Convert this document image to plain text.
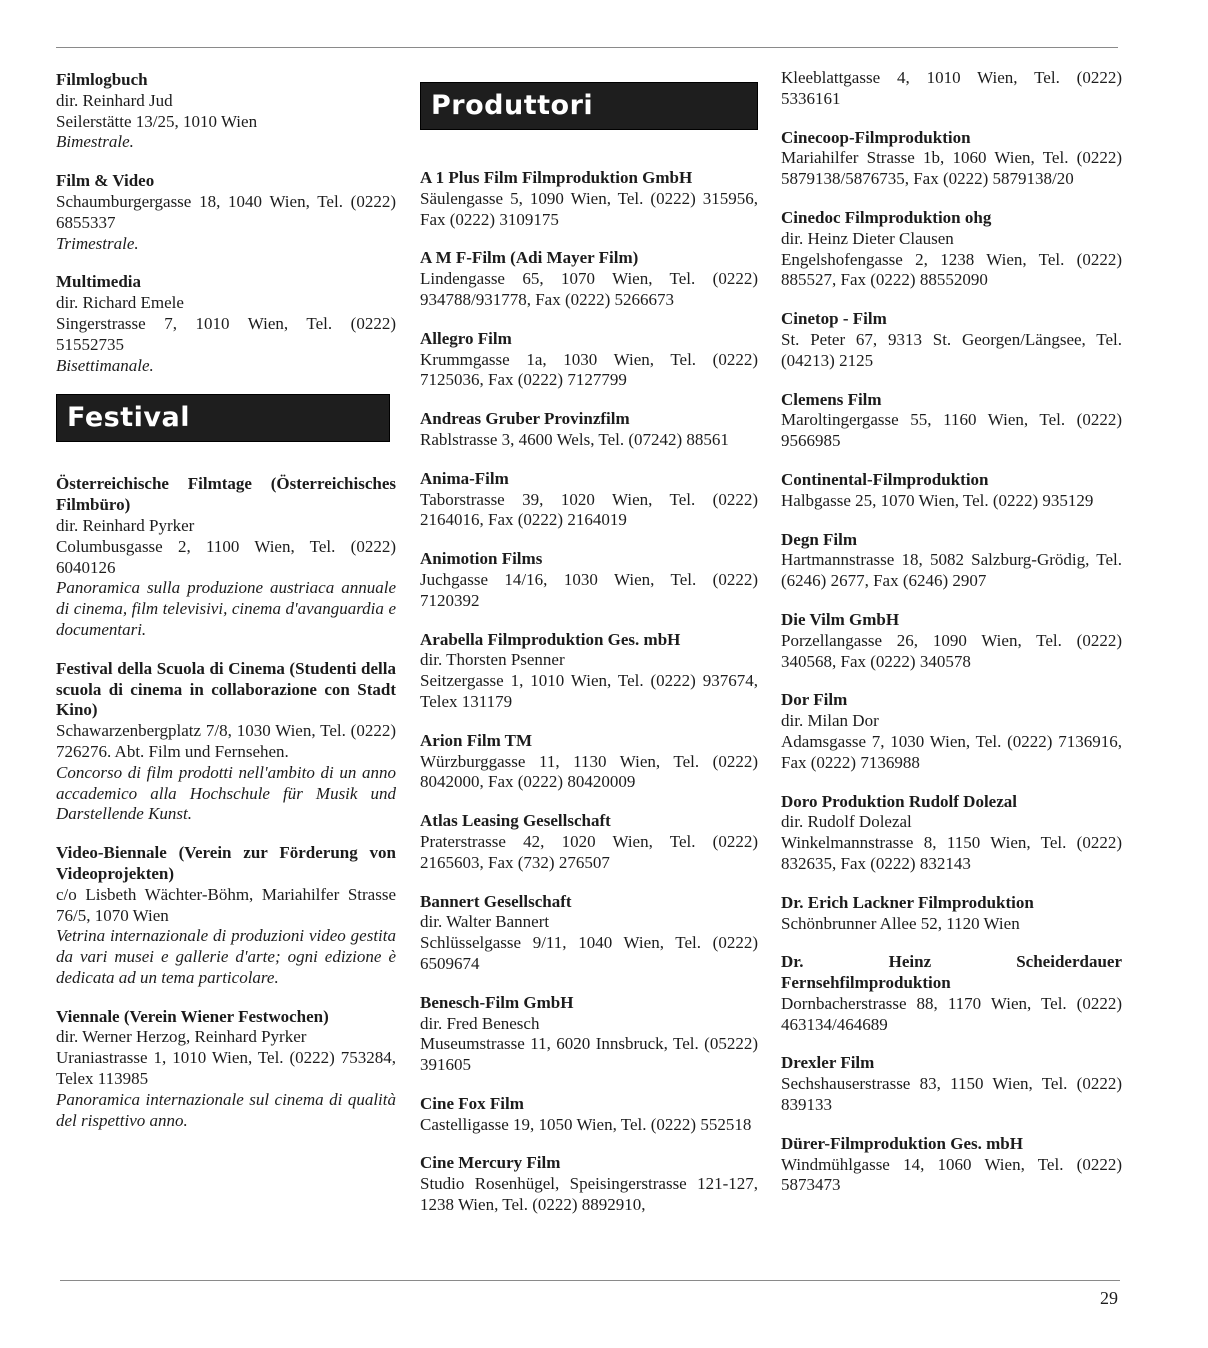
Filmlogbuch
dir. Reinhard Jud
Seilerstätte 13/25, 1010 Wien
Bimestrale.
Film & Video
Schaumburgergasse 18, 1040 Wien, Tel. (0222) 6855337
Trimestrale.
Multimedia
dir. Richard Emele
Singerstrasse 7, 1010 Wien, Tel. (0222) 51552735
Bisettimanale.
Festival
Österreichische Filmtage (Österreichisches Filmbüro)
dir. Reinhard Pyrker
Columbusgasse 2, 1100 Wien, Tel. (0222) 6040126
Panoramica sulla produzione austriaca annuale di cinema, film televisivi, cinema d'avanguardia e documentari.
Festival della Scuola di Cinema (Studenti della scuola di cinema in collaborazione con Stadt Kino)
Schawarzenbergplatz 7/8, 1030 Wien, Tel. (0222) 726276. Abt. Film und Fernsehen.
Concorso di film prodotti nell'ambito di un anno accademico alla Hochschule für Musik und Darstellende Kunst.
Video-Biennale (Verein zur Förderung von Videoprojekten)
c/o Lisbeth Wächter-Böhm, Mariahilfer Strasse 76/5, 1070 Wien
Vetrina internazionale di produzioni video gestita da vari musei e gallerie d'arte; ogni edizione è dedicata ad un tema particolare.
Viennale (Verein Wiener Festwochen)
dir. Werner Herzog, Reinhard Pyrker
Uraniastrasse 1, 1010 Wien, Tel. (0222) 753284, Telex 113985
Panoramica internazionale sul cinema di qualità del rispettivo anno.
Produttori
A 1 Plus Film Filmproduktion GmbH
Säulengasse 5, 1090 Wien, Tel. (0222) 315956, Fax (0222) 3109175
A M F-Film (Adi Mayer Film)
Lindengasse 65, 1070 Wien, Tel. (0222) 934788/931778, Fax (0222) 5266673
Allegro Film
Krummgasse 1a, 1030 Wien, Tel. (0222) 7125036, Fax (0222) 7127799
Andreas Gruber Provinzfilm
Rablstrasse 3, 4600 Wels, Tel. (07242) 88561
Anima-Film
Taborstrasse 39, 1020 Wien, Tel. (0222) 2164016, Fax (0222) 2164019
Animotion Films
Juchgasse 14/16, 1030 Wien, Tel. (0222) 7120392
Arabella Filmproduktion Ges. mbH
dir. Thorsten Psenner
Seitzergasse 1, 1010 Wien, Tel. (0222) 937674, Telex 131179
Arion Film TM
Würzburggasse 11, 1130 Wien, Tel. (0222) 8042000, Fax (0222) 80420009
Atlas Leasing Gesellschaft
Praterstrasse 42, 1020 Wien, Tel. (0222) 2165603, Fax (732) 276507
Bannert Gesellschaft
dir. Walter Bannert
Schlüsselgasse 9/11, 1040 Wien, Tel. (0222) 6509674
Benesch-Film GmbH
dir. Fred Benesch
Museumstrasse 11, 6020 Innsbruck, Tel. (05222) 391605
Cine Fox Film
Castelligasse 19, 1050 Wien, Tel. (0222) 552518
Cine Mercury Film
Studio Rosenhügel, Speisingerstrasse 121-127, 1238 Wien, Tel. (0222) 8892910,
Kleeblattgasse 4, 1010 Wien, Tel. (0222) 5336161
Cinecoop-Filmproduktion
Mariahilfer Strasse 1b, 1060 Wien, Tel. (0222) 5879138/5876735, Fax (0222) 5879138/20
Cinedoc Filmproduktion ohg
dir. Heinz Dieter Clausen
Engelshofengasse 2, 1238 Wien, Tel. (0222) 885527, Fax (0222) 88552090
Cinetop - Film
St. Peter 67, 9313 St. Georgen/Längsee, Tel. (04213) 2125
Clemens Film
Maroltingergasse 55, 1160 Wien, Tel. (0222) 9566985
Continental-Filmproduktion
Halbgasse 25, 1070 Wien, Tel. (0222) 935129
Degn Film
Hartmannstrasse 18, 5082 Salzburg-Grödig, Tel. (6246) 2677, Fax (6246) 2907
Die Vilm GmbH
Porzellangasse 26, 1090 Wien, Tel. (0222) 340568, Fax (0222) 340578
Dor Film
dir. Milan Dor
Adamsgasse 7, 1030 Wien, Tel. (0222) 7136916, Fax (0222) 7136988
Doro Produktion Rudolf Dolezal
dir. Rudolf Dolezal
Winkelmannstrasse 8, 1150 Wien, Tel. (0222) 832635, Fax (0222) 832143
Dr. Erich Lackner Filmproduktion
Schönbrunner Allee 52, 1120 Wien
Dr. Heinz Scheiderdauer Fernsehfilmproduktion
Dornbacherstrasse 88, 1170 Wien, Tel. (0222) 463134/464689
Drexler Film
Sechshauserstrasse 83, 1150 Wien, Tel. (0222) 839133
Dürer-Filmproduktion Ges. mbH
Windmühlgasse 14, 1060 Wien, Tel. (0222) 5873473
29
